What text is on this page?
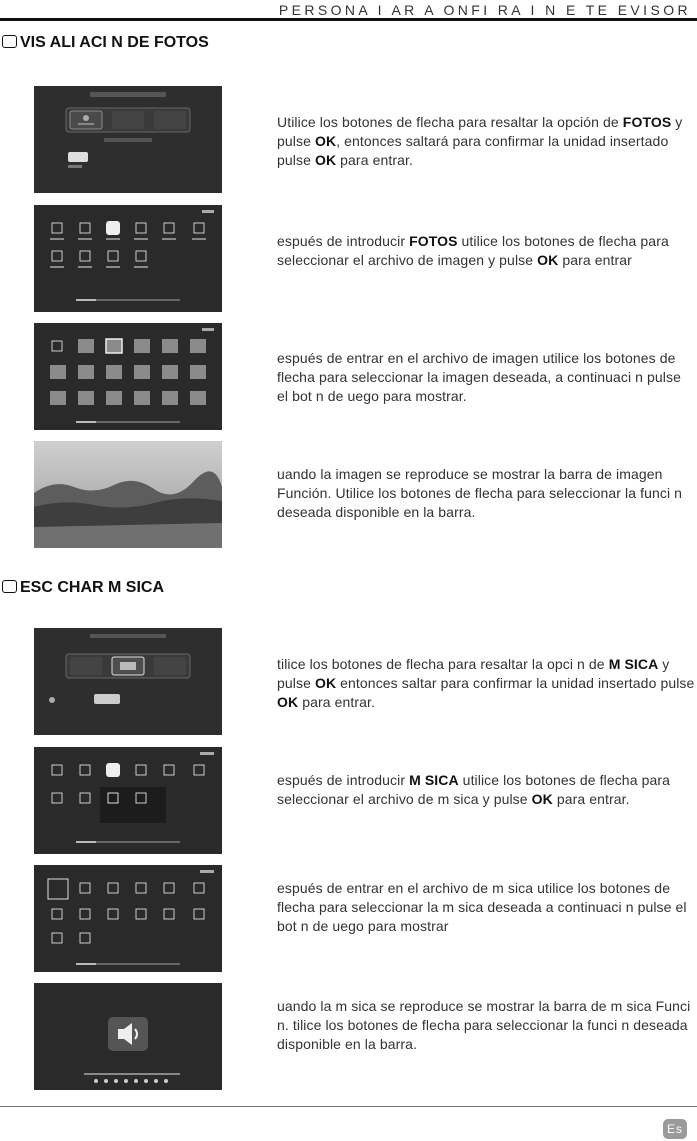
PERSONA I AR A ONFI RA I N E TE EVISOR
VIS ALI ACI N DE FOTOS
Utilice los botones de flecha para resaltar la opción de FOTOS y pulse OK, entonces saltará para confirmar la unidad insertado pulse OK para entrar.
espués de introducir FOTOS utilice los botones de flecha para seleccionar el archivo de imagen y pulse OK para entrar
espués de entrar en el archivo de imagen utilice los botones de flecha para seleccionar la imagen deseada, a continuaci n pulse el bot n de uego para mostrar.
uando la imagen se reproduce se mostrar la barra de imagen Función. Utilice los botones de flecha para seleccionar la funci n deseada disponible en la barra.
ESC CHAR M SICA
tilice los botones de flecha para resaltar la opci n de M SICA y pulse OK entonces saltar para confirmar la unidad insertado pulse OK para entrar.
espués de introducir M SICA utilice los botones de flecha para seleccionar el archivo de m sica y pulse OK para entrar.
espués de entrar en el archivo de m sica utilice los botones de flecha para seleccionar la m sica deseada a continuaci n pulse el bot n de uego para mostrar
uando la m sica se reproduce se mostrar la barra de m sica Funci n. tilice los botones de flecha para seleccionar la funci n deseada disponible en la barra.
Es
